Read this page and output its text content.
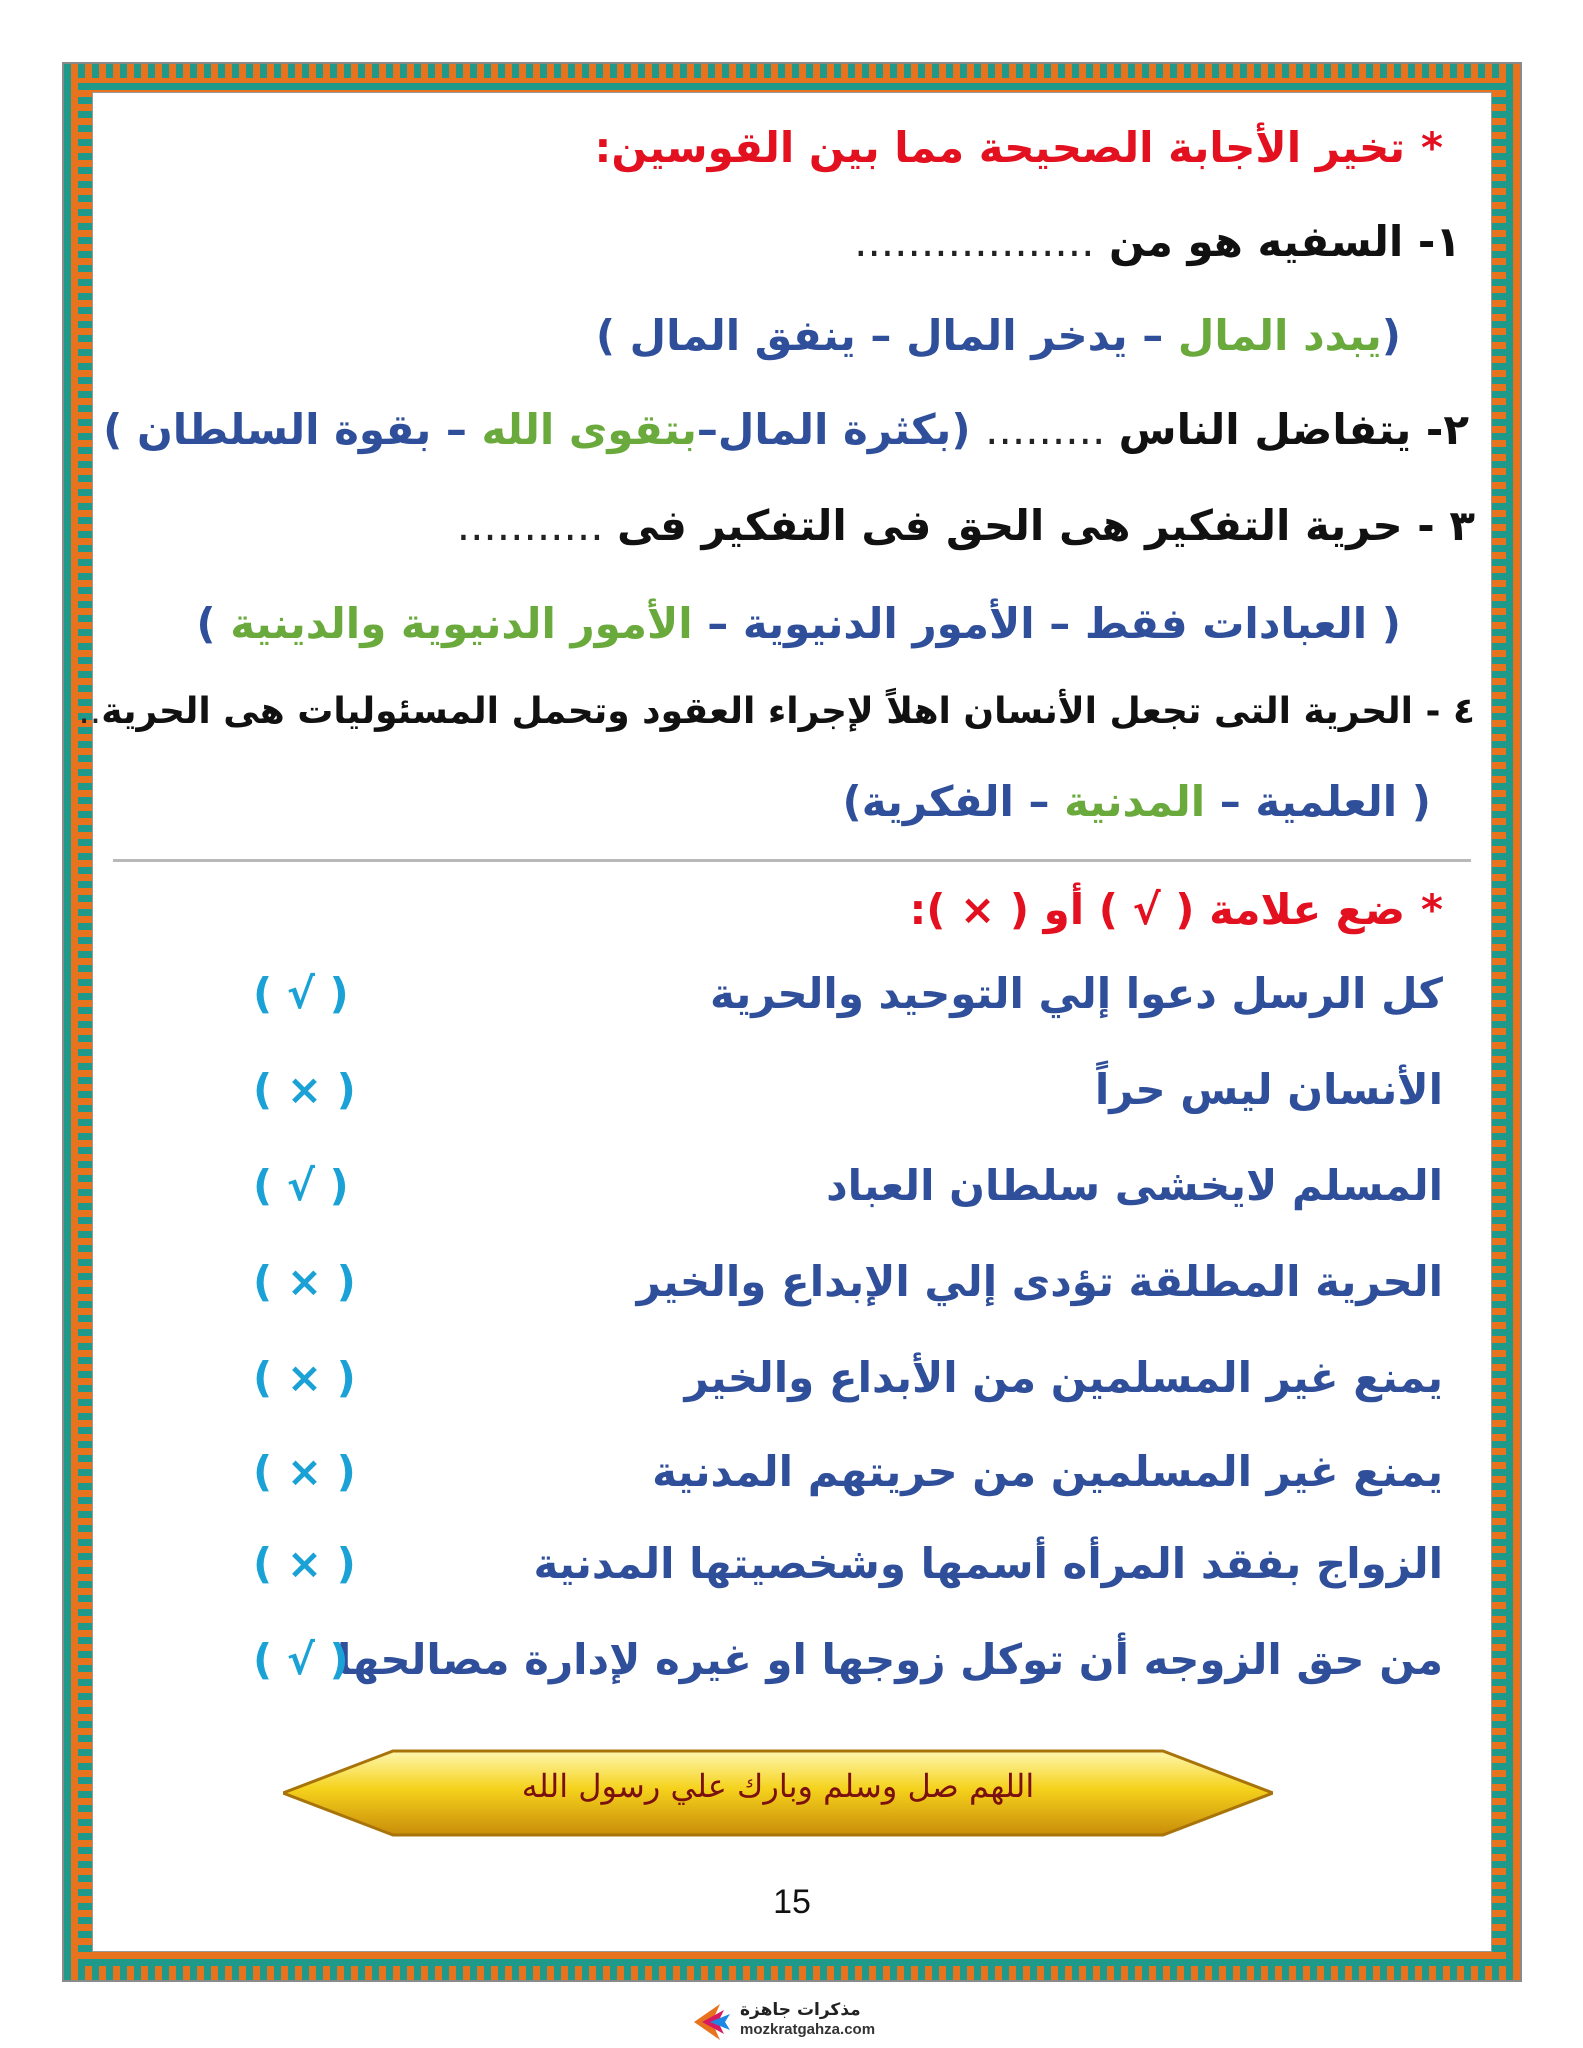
*تخير الأجابة الصحيحة مما بين القوسين:
١- السفيه هو من ..................
(يبدد المال – يدخر المال – ينفق المال )
٢- يتفاضل الناس ......... (بكثرة المال–بتقوى الله – بقوة السلطان )
٣ - حرية التفكير هى الحق فى التفكير فى ...........
( العبادات فقط – الأمور الدنيوية – الأمور الدنيوية والدينية )
٤ - الحرية التى تجعل الأنسان اهلاً لإجراء العقود وتحمل المسئوليات هى الحرية..
( العلمية – المدنية – الفكرية)
*ضع علامة ( √ ) أو ( × ):
كل الرسل دعوا إلي التوحيد والحرية
( √ )
الأنسان ليس حراً
( × )
المسلم لايخشى سلطان العباد
( √ )
الحرية المطلقة تؤدى إلي الإبداع والخير
( × )
يمنع غير المسلمين من الأبداع والخير
( × )
يمنع غير المسلمين من حريتهم المدنية
( × )
الزواج بفقد المرأه أسمها وشخصيتها المدنية
( × )
من حق الزوجه أن توكل زوجها او غيره لإدارة مصالحها
( √ )
اللهم صل وسلم وبارك علي رسول الله
15
مذكرات جاهزة
mozkratgahza.com
